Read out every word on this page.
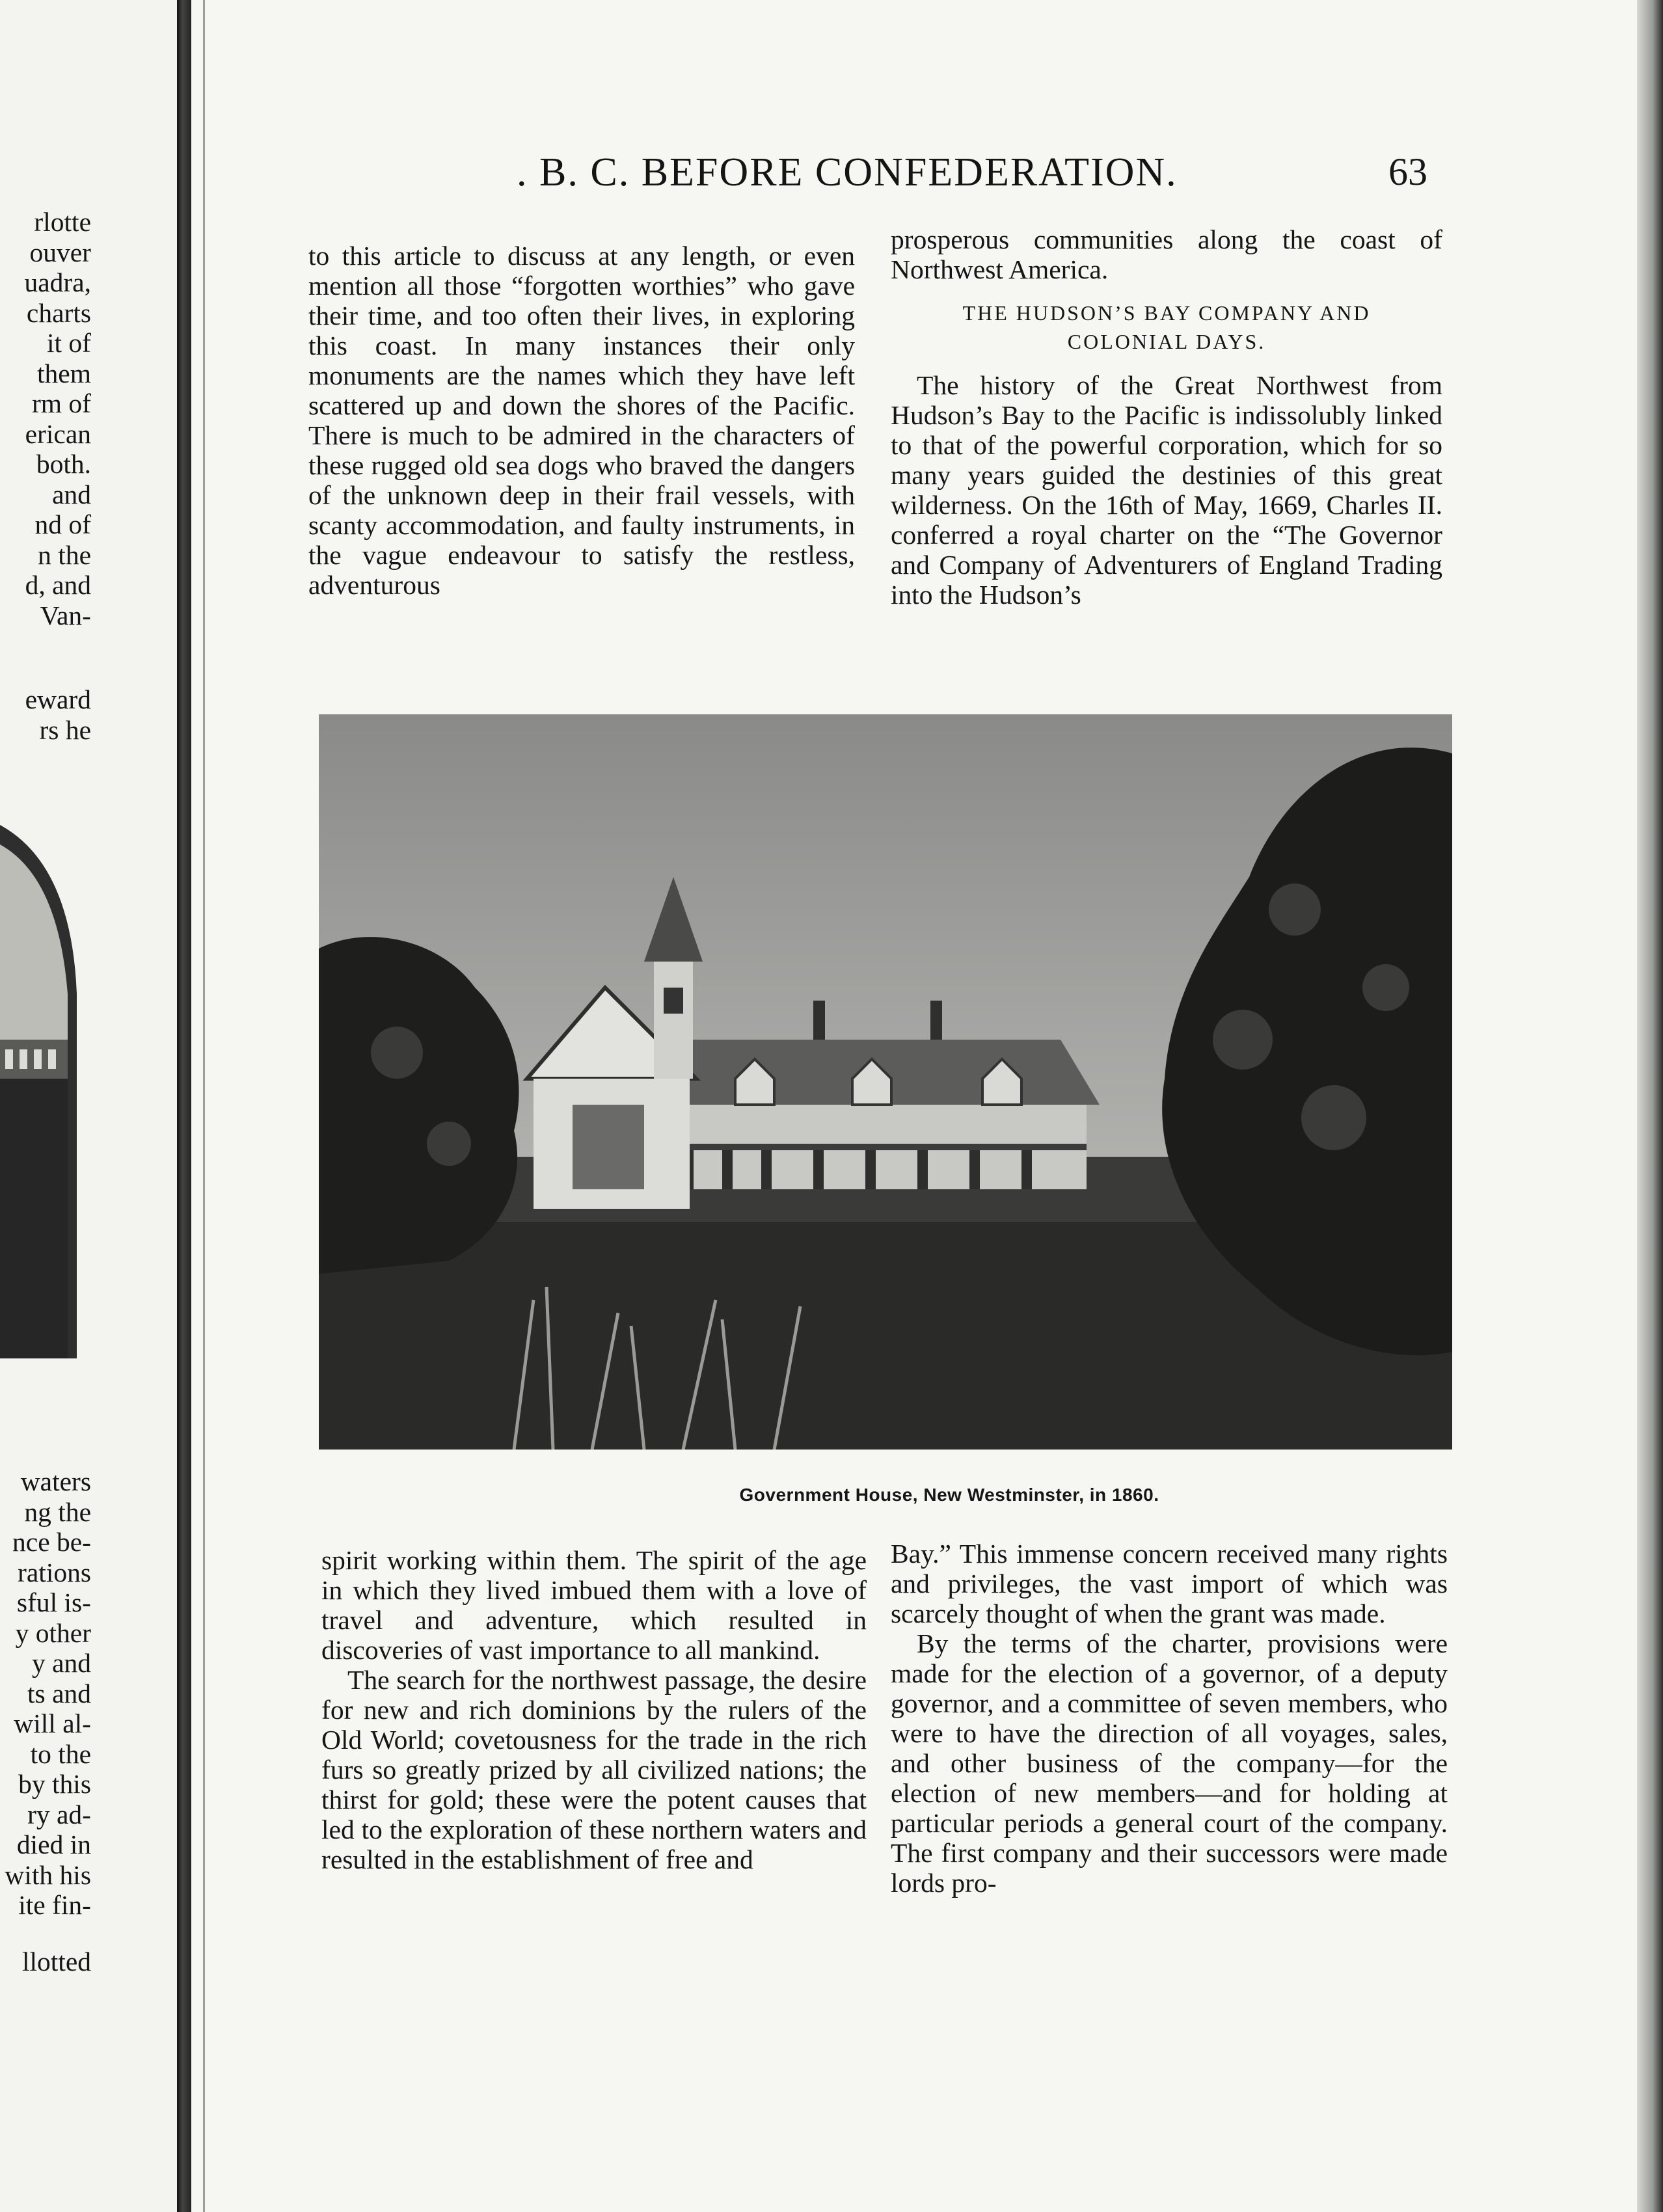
rlotte
ouver
uadra,
charts
it of
them
rm of
erican
both.
and
nd of
n the
d, and
Van-
eward
rs he
waters
ng the
nce be-
rations
sful is-
y other
y and
ts and
will al-
to the
by this
ry ad-
died in
with his
ite fin-
llotted
. B. C. BEFORE CONFEDERATION.	63

to this article to discuss at any length, or even mention all those “forgotten worthies” who gave their time, and too often their lives, in exploring this coast. In many instances their only monuments are the names which they have left scattered up and down the shores of the Pacific. There is much to be admired in the characters of these rugged old sea dogs who braved the dangers of the unknown deep in their frail vessels, with scanty accommodation, and faulty instruments, in the vague endeavour to satisfy the restless, adventurous

prosperous communities along the coast of Northwest America.

THE HUDSON’S BAY COMPANY AND
COLONIAL DAYS.

The history of the Great Northwest from Hudson’s Bay to the Pacific is indissolubly linked to that of the powerful corporation, which for so many years guided the destinies of this great wilderness. On the 16th of May, 1669, Charles II. conferred a royal charter on the “The Governor and Company of Adventurers of England Trading into the Hudson’s

Government House, New Westminster, in 1860.

spirit working within them. The spirit of the age in which they lived imbued them with a love of travel and adventure, which resulted in discoveries of vast importance to all mankind.

The search for the northwest passage, the desire for new and rich dominions by the rulers of the Old World; covetousness for the trade in the rich furs so greatly prized by all civilized nations; the thirst for gold; these were the potent causes that led to the exploration of these northern waters and resulted in the establishment of free and

Bay.” This immense concern received many rights and privileges, the vast import of which was scarcely thought of when the grant was made.

By the terms of the charter, provisions were made for the election of a governor, of a deputy governor, and a committee of seven members, who were to have the direction of all voyages, sales, and other business of the company—for the election of new members—and for holding at particular periods a general court of the company. The first company and their successors were made lords pro-
